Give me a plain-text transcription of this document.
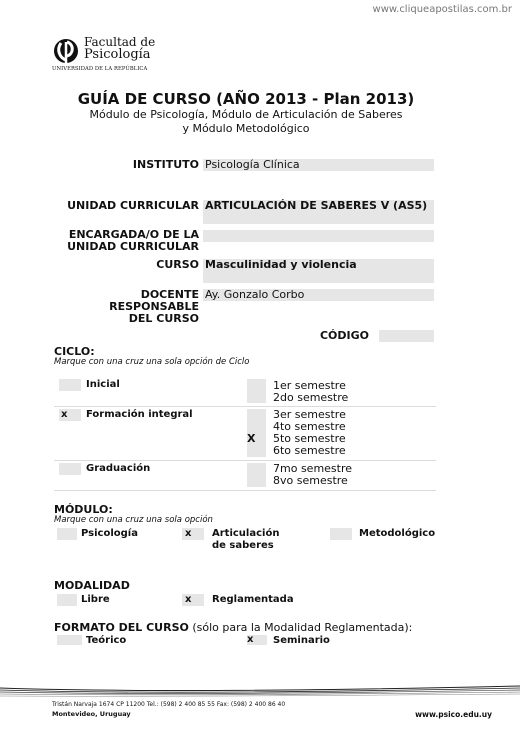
www.cliqueapostilas.com.br
Facultad de
Psicología
UNIVERSIDAD DE LA REPÚBLICA
GUÍA DE CURSO (AÑO 2013 - Plan 2013)
Módulo de Psicología, Módulo de Articulación de Saberes
y Módulo Metodológico
INSTITUTO Psicología Clínica
UNIDAD CURRICULAR ARTICULACIÓN DE SABERES V (AS5)
ENCARGADA/O DE LA
UNIDAD CURRICULAR
CURSO Masculinidad y violencia
DOCENTE
RESPONSABLE
DEL CURSO
Ay. Gonzalo Corbo
CÓDIGO
CICLO:
Marque con una cruz una sola opción de Ciclo
Inicial	1er semestre
2do semestre
x Formación integral
X
3er semestre
4to semestre
5to semestre
6to semestre
Graduación	7mo semestre
8vo semestre
MÓDULO:
Marque con una cruz una sola opción
Psicología	x Articulación
de saberes
Metodológico
MODALIDAD
Libre	x Reglamentada
FORMATO DEL CURSO (sólo para la Modalidad Reglamentada):
Teórico	x Seminario
Tristán Narvaja 1674 CP 11200 Tel.: (598) 2 400 85 55 Fax: (598) 2 400 86 40
Montevideo, Uruguay	www.psico.edu.uy
